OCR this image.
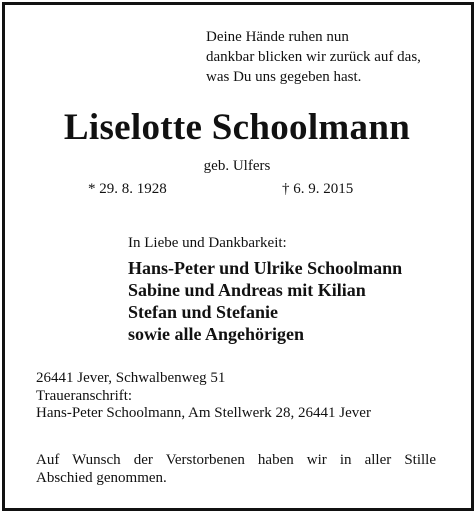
Deine Hände ruhen nun
dankbar blicken wir zurück auf das,
was Du uns gegeben hast.
Liselotte Schoolmann
geb. Ulfers
* 29. 8. 1928	† 6. 9. 2015
In Liebe und Dankbarkeit:
Hans-Peter und Ulrike Schoolmann
Sabine und Andreas mit Kilian
Stefan und Stefanie
sowie alle Angehörigen
26441 Jever, Schwalbenweg 51
Traueranschrift:
Hans-Peter Schoolmann, Am Stellwerk 28, 26441 Jever
Auf Wunsch der Verstorbenen haben wir in aller Stille
Abschied genommen.
